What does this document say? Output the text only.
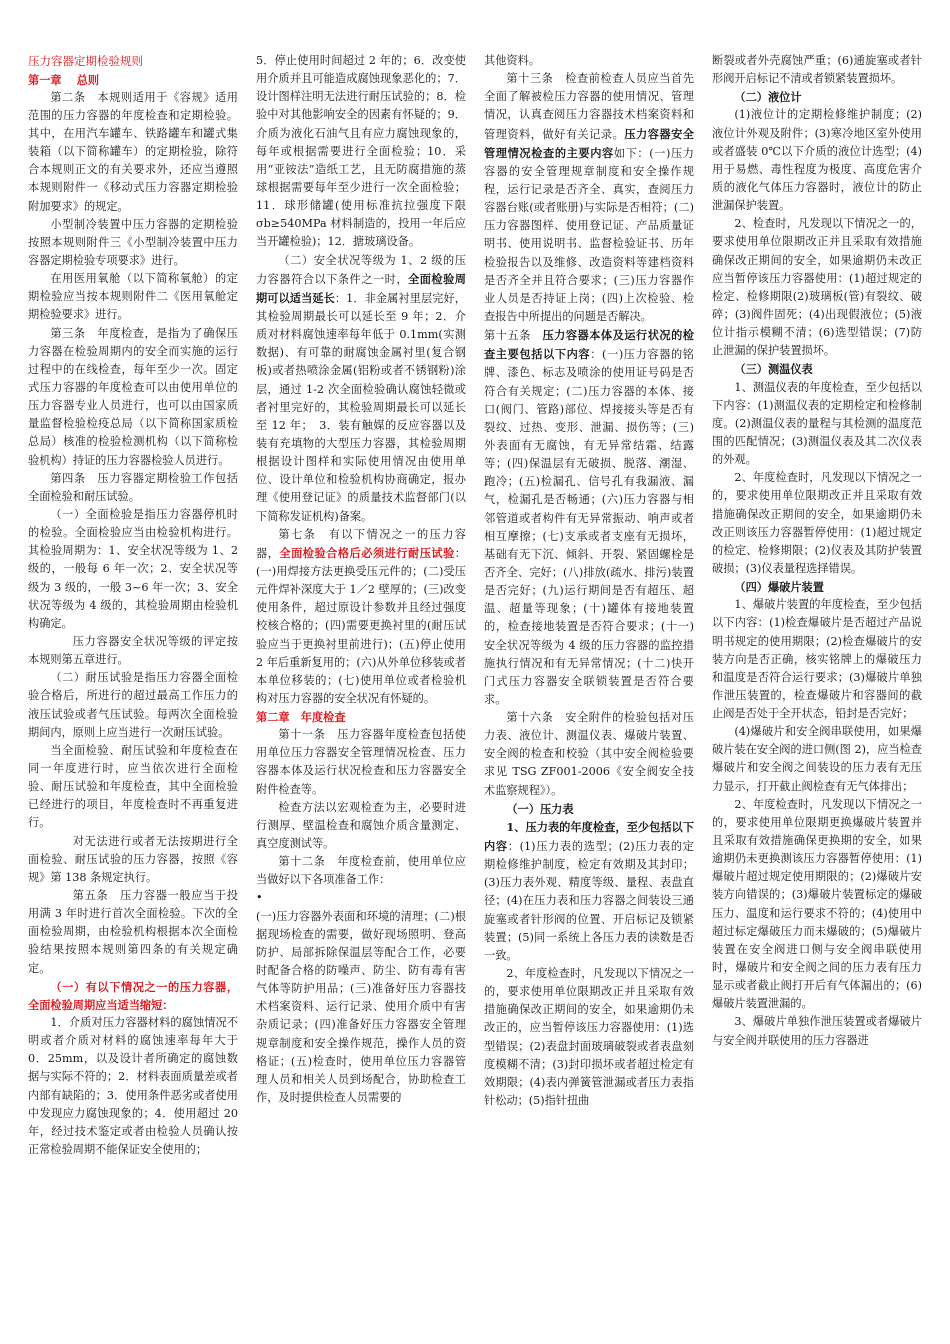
压力容器定期检验规则

第一章　 总则

第二条　本规则适用于《容规》适用范围的压力容器的年度检查和定期检验。其中，在用汽车罐车、铁路罐车和罐式集装箱（以下简称罐车）的定期检验，除符合本规则正文的有关要求外，还应当遵照本规则附件一《移动式压力容器定期检验附加要求》的规定。

小型制冷装置中压力容器的定期检验按照本规则附件三《小型制冷装置中压力容器定期检验专项要求》进行。

在用医用氧舱（以下简称氧舱）的定期检验应当按本规则附件二《医用氧舱定期检验要求》进行。

第三条　年度检查，是指为了确保压力容器在检验周期内的安全而实施的运行过程中的在线检查，每年至少一次。固定式压力容器的年度检查可以由使用单位的压力容器专业人员进行，也可以由国家质量监督检验检疫总局（以下简称国家质检总局）核准的检验检测机构（以下简称检验机构）持证的压力容器检验人员进行。

第四条　压力容器定期检验工作包括全面检验和耐压试验。

（一）全面检验是指压力容器停机时的检验。全面检验应当由检验机构进行。其检验周期为：1、安全状况等级为 1、2 级的，一般每 6 年一次；2、安全状况等级为 3 级的，一般 3~6 年一次；3、安全状况等级为 4 级的，其检验周期由检验机构确定。

压力容器安全状况等级的评定按本规则第五章进行。

（二）耐压试验是指压力容器全面检验合格后，所进行的超过最高工作压力的液压试验或者气压试验。每两次全面检验期间内，原则上应当进行一次耐压试验。

当全面检验、耐压试验和年度检查在同一年度进行时，应当依次进行全面检验、耐压试验和年度检查，其中全面检验已经进行的项目，年度检查时不再重复进行。

对无法进行或者无法按期进行全面检验、耐压试验的压力容器，按照《容规》第 138 条规定执行。

第五条　压力容器一般应当于投用满 3 年时进行首次全面检验。下次的全面检验周期，由检验机构根据本次全面检验结果按照本规则第四条的有关规定确定。

（一）有以下情况之一的压力容器，全面检验周期应当适当缩短：

1．介质对压力容器材料的腐蚀情况不明或者介质对材料的腐蚀速率每年大于 0．25mm，以及设计者所确定的腐蚀数据与实际不符的；2．材料表面质量差或者内部有缺陷的；3．使用条件恶劣或者使用中发现应力腐蚀现象的；4．使用超过 20 年，经过技术鉴定或者由检验人员确认按正常检验周期不能保证安全使用的；

5．停止使用时间超过 2 年的；6．改变使用介质并且可能造成腐蚀现象恶化的；7．设计图样注明无法进行耐压试验的；8．检验中对其他影响安全的因素有怀疑的；9．介质为液化石油气且有应力腐蚀现象的，每年或根据需要进行全面检验；10．采用“亚铵法”造纸工艺，且无防腐措施的蒸球根据需要每年至少进行一次全面检验；11．球形储罐(使用标准抗拉强度下限 σb≥540MPa 材料制造的，投用一年后应当开罐检验)；12．搪玻璃设备。

（二）安全状况等级为 1、2 级的压力容器符合以下条件之一时，全面检验周期可以适当延长：1．非金属衬里层完好，其检验周期最长可以延长至 9 年；2．介质对材料腐蚀速率每年低于 0.1mm(实测数据)、有可靠的耐腐蚀金属衬里(复合钢板)或者热喷涂金属(铝粉或者不锈钢粉)涂层，通过 1-2 次全面检验确认腐蚀轻微或者衬里完好的，其检验周期最长可以延长至 12 年；　3．装有触媒的反应容器以及装有充填物的大型压力容器，其检验周期根据设计图样和实际使用情况由使用单位、设计单位和检验机构协商确定，报办理《使用登记证》的质量技术监督部门(以下简称发证机构)备案。

第七条　有以下情况之一的压力容器，全面检验合格后必须进行耐压试验：(一)用焊接方法更换受压元件的；(二)受压元件焊补深度大于 1／2 壁厚的；(三)改变使用条件，超过原设计参数并且经过强度校核合格的；(四)需要更换衬里的(耐压试验应当于更换衬里前进行)；(五)停止使用 2 年后重新复用的；(六)从外单位移装或者本单位移装的；(七)使用单位或者检验机构对压力容器的安全状况有怀疑的。

第二章　年度检查

第十一条　压力容器年度检查包括使用单位压力容器安全管理情况检查、压力容器本体及运行状况检查和压力容器安全附件检查等。

检查方法以宏观检查为主，必要时进行测厚、壁温检查和腐蚀介质含量测定、真空度测试等。

第十二条　年度检查前，使用单位应当做好以下各项准备工作：

•

(一)压力容器外表面和环境的清理；(二)根据现场检查的需要，做好现场照明、登高防护、局部拆除保温层等配合工作，必要时配备合格的防噪声、防尘、防有毒有害气体等防护用品；(三)准备好压力容器技术档案资料、运行记录、使用介质中有害杂质记录；(四)准备好压力容器安全管理规章制度和安全操作规范，操作人员的资格证；(五)检查时，使用单位压力容器管理人员和相关人员到场配合，协助检查工作，及时提供检查人员需要的

其他资料。

第十三条　检查前检查人员应当首先全面了解被检压力容器的使用情况、管理情况，认真查阅压力容器技术档案资料和管理资料，做好有关记录。压力容器安全管理情况检查的主要内容如下：(一)压力容器的安全管理规章制度和安全操作规程，运行记录是否齐全、真实，查阅压力容器台账(或者账册)与实际是否相符；(二)压力容器图样、使用登记证、产品质量证明书、使用说明书、监督检验证书、历年检验报告以及维修、改造资料等建档资料是否齐全并且符合要求；(三)压力容器作业人员是否持证上岗；(四)上次检验、检查报告中所提出的问题是否解决。

第十五条　压力容器本体及运行状况的检查主要包括以下内容：(一)压力容器的铭牌、漆色、标志及喷涂的使用证号码是否符合有关规定；(二)压力容器的本体、接口(阀门、管路)部位、焊接接头等是否有裂纹、过热、变形、泄漏、损伤等；(三)外表面有无腐蚀，有无异常结霜、结露等；(四)保温层有无破损、脱落、潮湿、跑冷；(五)检漏孔、信号孔有我漏液、漏气，检漏孔是否畅通；(六)压力容器与相邻管道或者构件有无异常振动、响声或者相互摩擦；(七)支承或者支座有无损坏，基础有无下沉、倾斜、开裂、紧固螺栓是否齐全、完好；(八)排放(疏水、排污)装置是否完好；(九)运行期间是否有超压、超温、超量等现象；(十)罐体有接地装置的，检查接地装置是否符合要求；(十一)安全状况等级为 4 级的压力容器的监控措施执行情况和有无异常情况；(十二)快开门式压力容器安全联锁装置是否符合要求。

第十六条　安全附件的检验包括对压力表、液位计、测温仪表、爆破片装置、安全阀的检查和校验（其中安全阀检验要求见 TSG ZF001-2006《安全阀安全技术监察规程》）。

（一）压力表

1、压力表的年度检查，至少包括以下内容：(1)压力表的选型；(2)压力表的定期检修维护制度，检定有效期及其封印；(3)压力表外观、精度等级、量程、表盘直径；(4)在压力表和压力容器之间装设三通旋塞或者针形阀的位置、开启标记及锁紧装置；(5)同一系统上各压力表的读数是否一致。

2、年度检查时，凡发现以下情况之一的，要求使用单位限期改正并且采取有效措施确保改正期间的安全，如果逾期仍未改正的，应当暂停该压力容器使用：(1)选型错误；(2)表盘封面玻璃破裂或者表盘刻度模糊不清；(3)封印损坏或者超过检定有效期限；(4)表内弹簧管泄漏或者压力表指针松动；(5)指针扭曲

断裂或者外壳腐蚀严重；(6)通旋塞或者针形阀开启标记不清或者锁紧装置损坏。

（二）液位计

(1)液位计的定期检修维护制度；(2)液位计外观及附件；(3)寒冷地区室外使用或者盛装 0℃以下介质的液位计选型；(4)用于易燃、毒性程度为极度、高度危害介质的液化气体压力容器时，液位计的防止泄漏保护装置。

2、检查时，凡发现以下情况之一的，要求使用单位限期改正并且采取有效措施确保改正期间的安全，如果逾期仍未改正应当暂停该压力容器使用：(1)超过规定的检定、检修期限(2)玻璃板(管)有裂纹、破碎；(3)阀件固死；(4)出现假液位；(5)液位计指示模糊不清；(6)选型错误；(7)防止泄漏的保护装置损坏。

（三）测温仪表

1、测温仪表的年度检查，至少包括以下内容：(1)测温仪表的定期检定和检修制度。(2)测温仪表的量程与其检测的温度范围的匹配情况；(3)测温仪表及其二次仪表的外观。

2、年度检查时，凡发现以下情况之一的，要求使用单位限期改正并且采取有效措施确保改正期间的安全，如果逾期仍未改正则该压力容器暂停使用：(1)超过规定的检定、检修期限；(2)仪表及其防护装置破损；(3)仪表量程选择错误。

（四）爆破片装置

1、爆破片装置的年度检查，至少包括以下内容：(1)检查爆破片是否超过产品说明书规定的使用期限；(2)检查爆破片的安装方向是否正确，核实铭牌上的爆破压力和温度是否符合运行要求；(3)爆破片单独作泄压装置的，检查爆破片和容器间的截止阀是否处于全开状态，铅封是否完好；

(4)爆破片和安全阀串联使用，如果爆破片装在安全阀的进口侧(图 2)，应当检查爆破片和安全阀之间装设的压力表有无压力显示，打开截止阀检查有无气体排出；

2、年度检查时，凡发现以下情况之一的，要求使用单位限期更换爆破片装置并且采取有效措施确保更换期的安全，如果逾期仍未更换测该压力容器暂停使用：(1)爆破片超过规定使用期限的；(2)爆破片安装方向错误的；(3)爆破片装置标定的爆破压力、温度和运行要求不符的；(4)使用中超过标定爆破压力而未爆破的；(5)爆破片装置在安全阀进口侧与安全阀串联使用时，爆破片和安全阀之间的压力表有压力显示或者截止阀打开后有气体漏出的；(6)爆破片装置泄漏的。

3、爆破片单独作泄压装置或者爆破片与安全阀并联使用的压力容器进
